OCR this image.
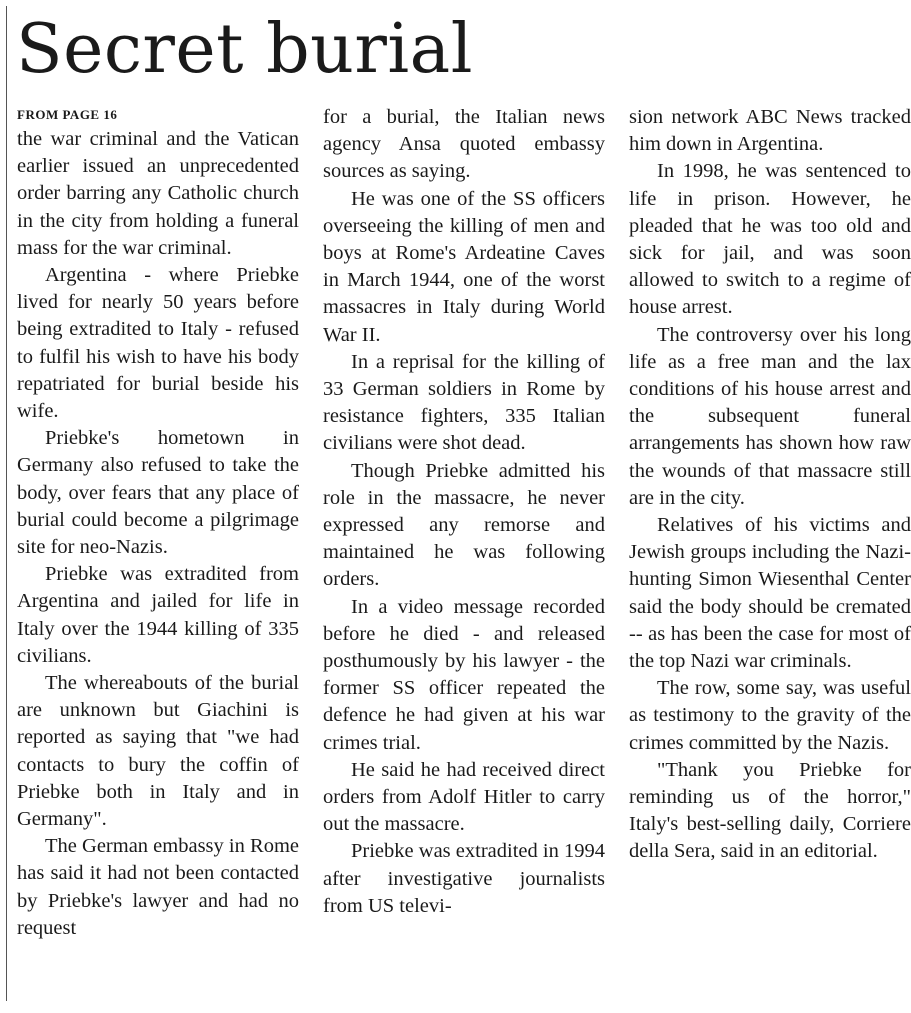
Secret burial
FROM PAGE 16

the war criminal and the Vatican earlier issued an unprecedented order barring any Catholic church in the city from holding a funeral mass for the war criminal.

Argentina - where Priebke lived for nearly 50 years before being extradited to Italy - refused to fulfil his wish to have his body repatriated for burial beside his wife.

Priebke's hometown in Germany also refused to take the body, over fears that any place of burial could become a pilgrimage site for neo-Nazis.

Priebke was extradited from Argentina and jailed for life in Italy over the 1944 killing of 335 civilians.

The whereabouts of the burial are unknown but Giachini is reported as saying that "we had contacts to bury the coffin of Priebke both in Italy and in Germany".

The German embassy in Rome has said it had not been contacted by Priebke's lawyer and had no request

for a burial, the Italian news agency Ansa quoted embassy sources as saying.

He was one of the SS officers overseeing the killing of men and boys at Rome's Ardeatine Caves in March 1944, one of the worst massacres in Italy during World War II.

In a reprisal for the killing of 33 German soldiers in Rome by resistance fighters, 335 Italian civilians were shot dead.

Though Priebke admitted his role in the massacre, he never expressed any remorse and maintained he was following orders.

In a video message recorded before he died - and released posthumously by his lawyer - the former SS officer repeated the defence he had given at his war crimes trial.

He said he had received direct orders from Adolf Hitler to carry out the massacre.

Priebke was extradited in 1994 after investigative journalists from US televi-

sion network ABC News tracked him down in Argentina.

In 1998, he was sentenced to life in prison. However, he pleaded that he was too old and sick for jail, and was soon allowed to switch to a regime of house arrest.

The controversy over his long life as a free man and the lax conditions of his house arrest and the subsequent funeral arrangements has shown how raw the wounds of that massacre still are in the city.

Relatives of his victims and Jewish groups including the Nazi-hunting Simon Wiesenthal Center said the body should be cremated -- as has been the case for most of the top Nazi war criminals.

The row, some say, was useful as testimony to the gravity of the crimes committed by the Nazis.

"Thank you Priebke for reminding us of the horror," Italy's best-selling daily, Corriere della Sera, said in an editorial.
